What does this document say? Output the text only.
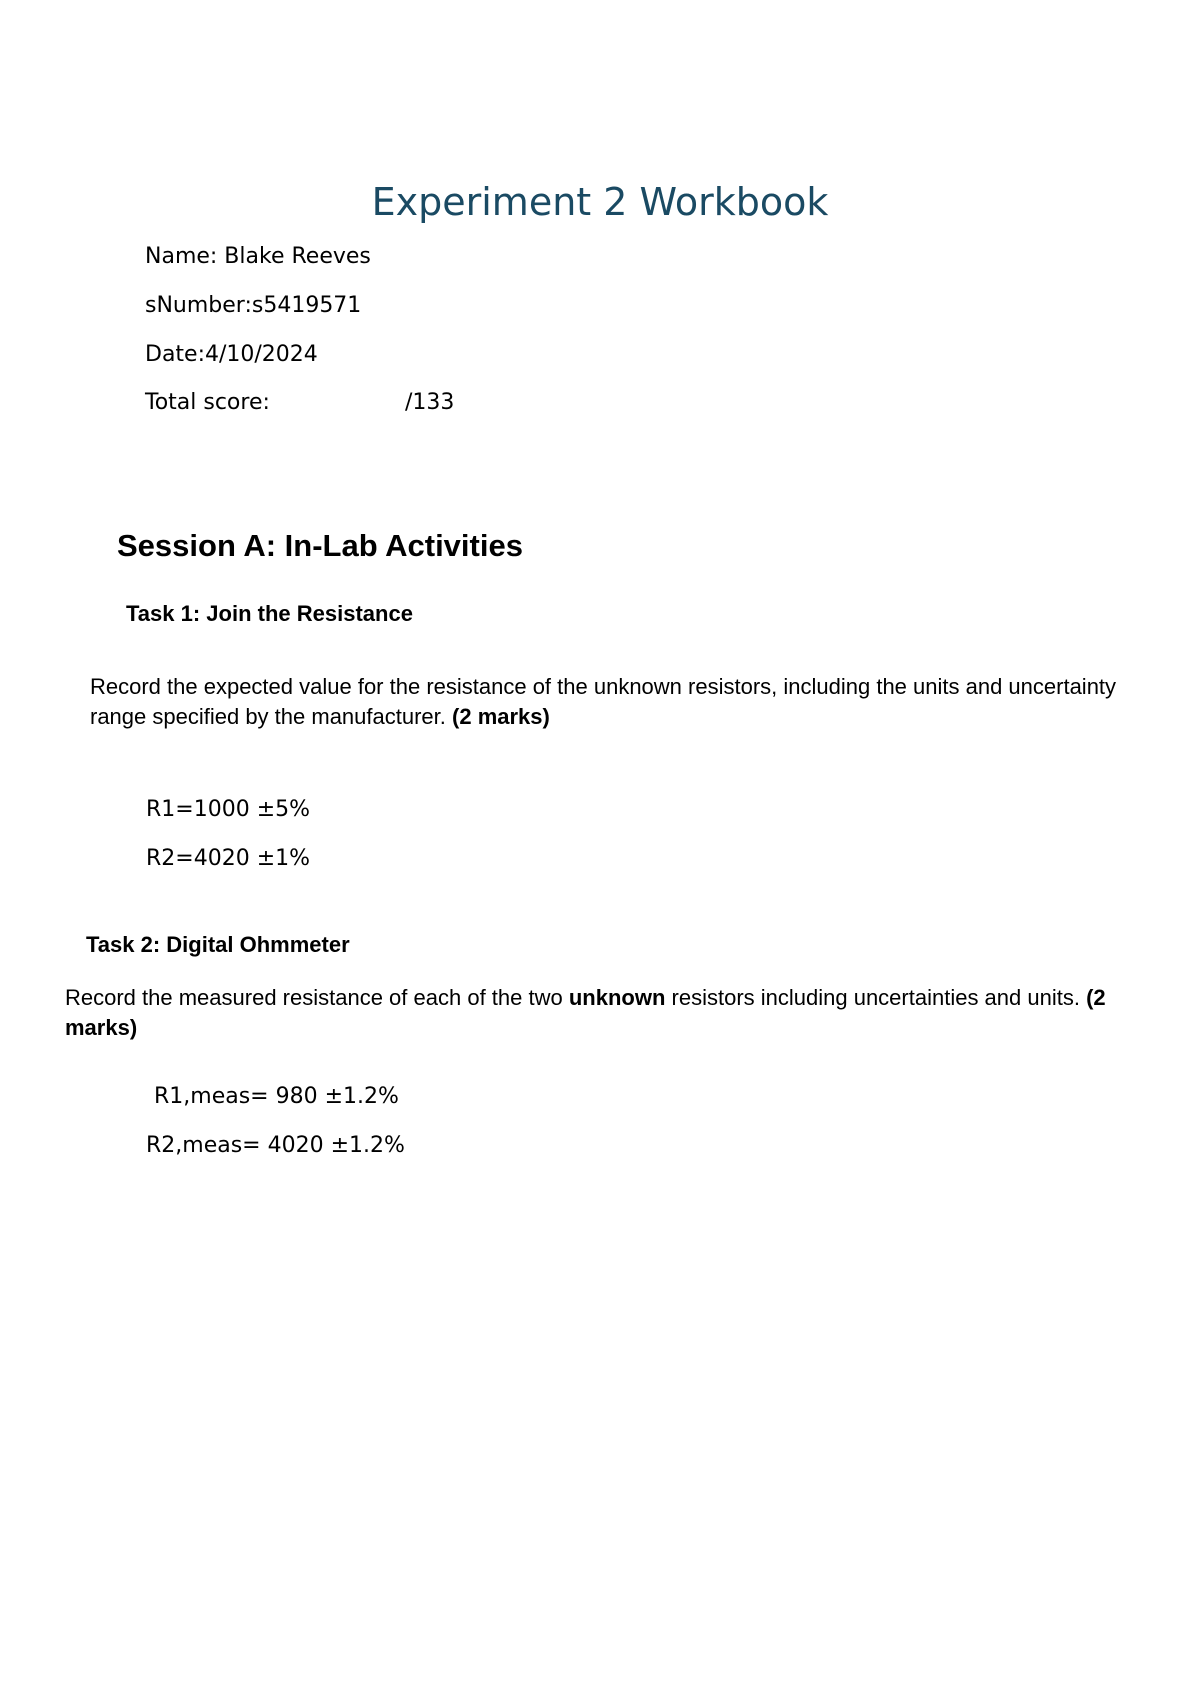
Experiment 2 Workbook
Name: Blake Reeves
sNumber:s5419571
Date:4/10/2024
Total score:	/133
Session A: In-Lab Activities
Task 1: Join the Resistance
Record the expected value for the resistance of the unknown resistors, including the units and uncertainty range specified by the manufacturer. (2 marks)
R1=1000 ±5%
R2=4020 ±1%
Task 2: Digital Ohmmeter
Record the measured resistance of each of the two unknown resistors including uncertainties and units. (2 marks)
R1,meas= 980 ±1.2%
R2,meas= 4020 ±1.2%
